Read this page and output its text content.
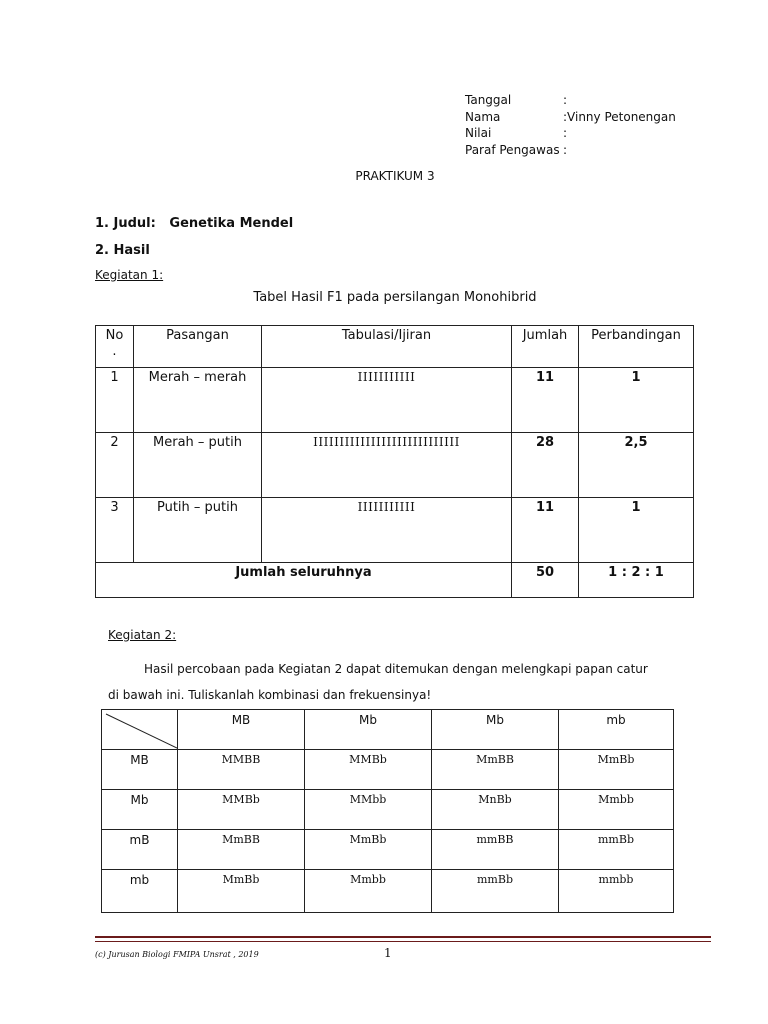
Tanggal	:
Nama	:Vinny Petonengan
Nilai	:
Paraf Pengawas :
PRAKTIKUM 3
1. Judul: Genetika Mendel
2. Hasil
Kegiatan 1:
Tabel Hasil F1 pada persilangan Monohibrid
No
.	Pasangan	Tabulasi/Ijiran	Jumlah	Perbandingan
1	Merah – merah	IIIIIIIIIII	11	1
2	Merah – putih	IIIIIIIIIIIIIIIIIIIIIIIIIIII	28	2,5
3	Putih – putih	IIIIIIIIIII	11	1
Jumlah seluruhnya			50	1 : 2 : 1
Kegiatan 2:
Hasil percobaan pada Kegiatan 2 dapat ditemukan dengan melengkapi papan catur
di bawah ini. Tuliskanlah kombinasi dan frekuensinya!
	MB	Mb	Mb	mb
MB	MMBB	MMBb	MmBB	MmBb
Mb	MMBb	MMbb	MnBb	Mmbb
mB	MmBB	MmBb	mmBB	mmBb
mb	MmBb	Mmbb	mmBb	mmbb
(c) Jurusan Biologi FMIPA Unsrat , 2019	1
